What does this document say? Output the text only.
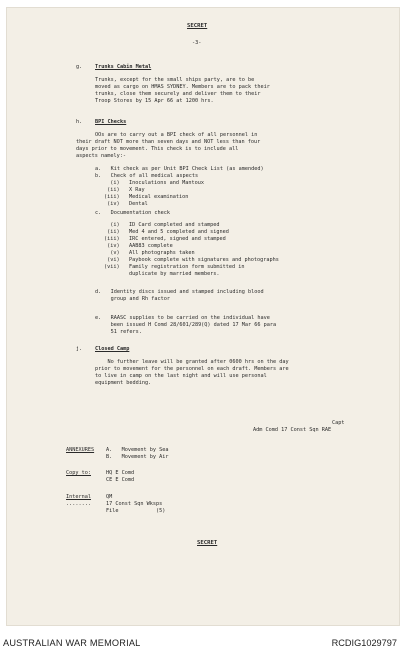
SECRET
-3-
g. Trunks Cabin Metal
Trunks, except for the small ships party, are to be
moved as cargo on HMAS SYDNEY. Members are to pack their
trunks, close them securely and deliver them to their
Troop Stores by 15 Apr 66 at 1200 hrs.
h. BPI Checks
OOs are to carry out a BPI check of all personnel in
their draft NOT more than seven days and NOT less than four
days prior to movement. This check is to include all
aspects namely:-
a.   Kit check as per Unit BPI Check List (as amended)
b.   Check of all medical aspects
(i)   Inoculations and Mantoux
(ii)   X Ray
(iii)   Medical examination
(iv)   Dental
c.   Documentation check
(i)   ID Card completed and stamped
(ii)   Med 4 and 5 completed and signed
(iii)   IRC entered, signed and stamped
(iv)   AAB83 complete
(v)   All photographs taken
(vi)   Paybook complete with signatures and photographs
(vii)   Family registration form submitted in
duplicate by married members.
d.   Identity discs issued and stamped including blood
group and Rh factor
e.   RAASC supplies to be carried on the individual have
been issued H Comd 28/601/289(Q) dated 17 Mar 66 para
51 refers.
j. Closed Camp
No further leave will be granted after 0600 hrs on the day
prior to movement for the personnel on each draft. Members are
to live in camp on the last night and will use personal
equipment bedding.
Capt
Adm Comd 17 Const Sqn RAE
ANNEXURES A.   Movement by Sea
B.   Movement by Air
Copy to:	HQ E Comd
CE E Comd
Internal
........
QM
17 Const Sqn Wksps
File            (5)
SECRET
AUSTRALIAN WAR MEMORIAL	RCDIG1029797
